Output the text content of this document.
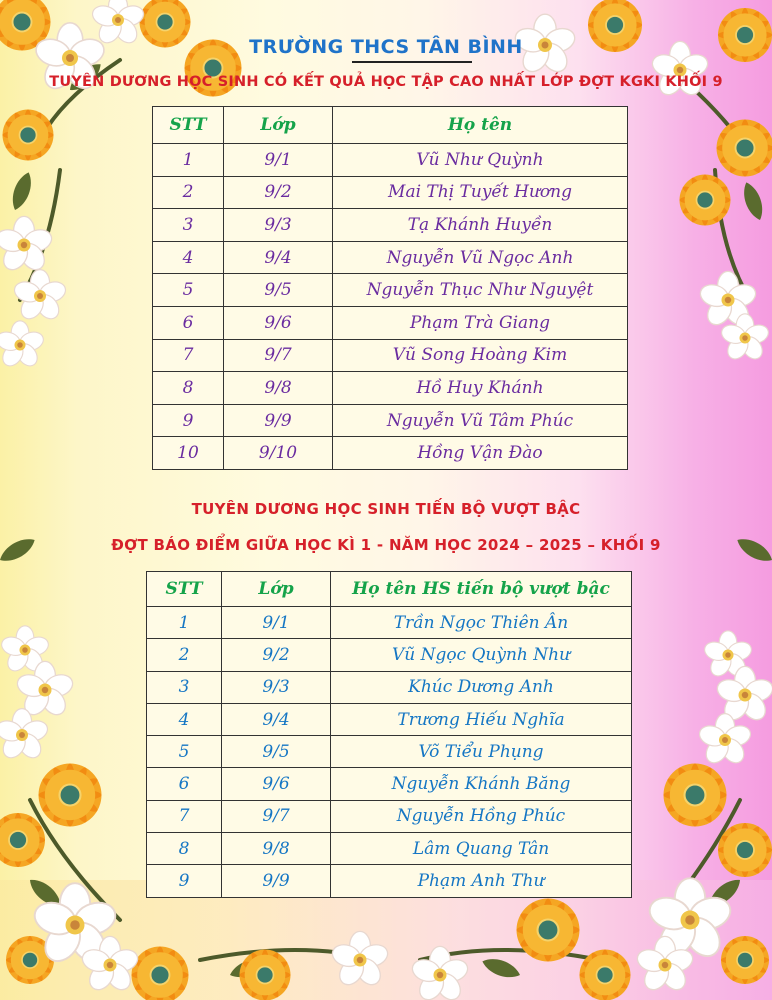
TRƯỜNG THCS TÂN BÌNH
TUYÊN DƯƠNG HỌC SINH CÓ KẾT QUẢ HỌC TẬP CAO NHẤT LỚP ĐỢT KGKI KHỐI 9
STT	Lớp	Họ tên
1	9/1	Vũ Như Quỳnh
2	9/2	Mai Thị Tuyết Hương
3	9/3	Tạ Khánh Huyền
4	9/4	Nguyễn Vũ Ngọc Anh
5	9/5	Nguyễn Thục Như Nguyệt
6	9/6	Phạm Trà Giang
7	9/7	Vũ Song Hoàng Kim
8	9/8	Hồ Huy Khánh
9	9/9	Nguyễn Vũ Tâm Phúc
10	9/10	Hồng Vận Đào
TUYÊN DƯƠNG HỌC SINH TIẾN BỘ VƯỢT BẬC
ĐỢT BÁO ĐIỂM GIỮA HỌC KÌ 1 - NĂM HỌC 2024 – 2025 – KHỐI 9
STT	Lớp	Họ tên HS tiến bộ vượt bậc
1	9/1	Trần Ngọc Thiên Ân
2	9/2	Vũ Ngọc Quỳnh Như
3	9/3	Khúc Dương Anh
4	9/4	Trương Hiếu Nghĩa
5	9/5	Võ Tiểu Phụng
6	9/6	Nguyễn Khánh Băng
7	9/7	Nguyễn Hồng Phúc
8	9/8	Lâm Quang Tân
9	9/9	Phạm Anh Thư
